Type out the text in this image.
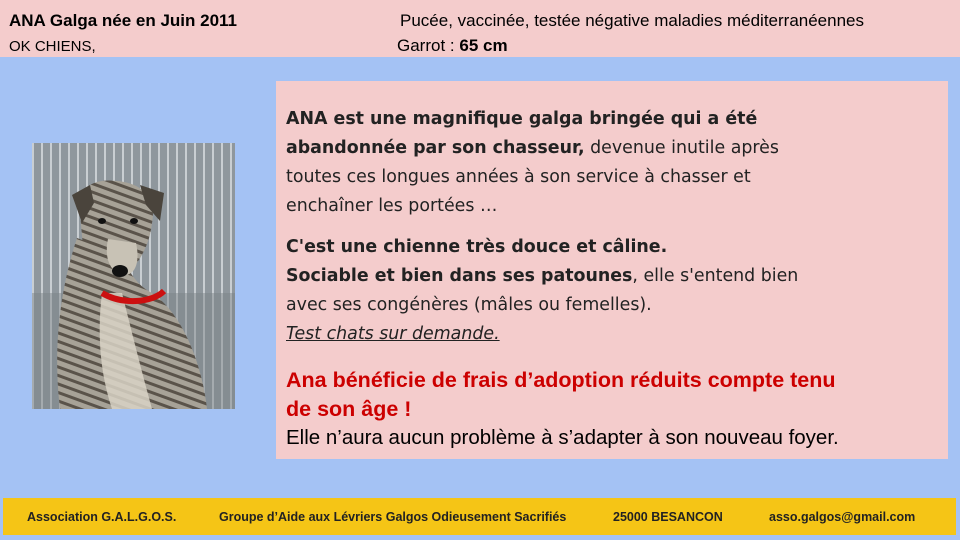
ANA Galga née en Juin 2011
OK CHIENS,
Pucée, vaccinée, testée négative maladies méditerranéennes
Garrot : 65 cm
ANA est une magnifique galga bringée qui a été
abandonnée par son chasseur, devenue inutile après
toutes ces longues années à son service à chasser et
enchaîner les portées …
C'est une chienne très douce et câline.
Sociable et bien dans ses patounes, elle s'entend bien
avec ses congénères (mâles ou femelles).
Test chats sur demande.
Ana bénéficie de frais d’adoption réduits compte tenu
de son âge !
Elle n’aura aucun problème à s’adapter à son nouveau foyer.
Association G.A.L.G.O.S.	Groupe d’Aide aux Lévriers Galgos Odieusement Sacrifiés	25000 BESANCON	asso.galgos@gmail.com
